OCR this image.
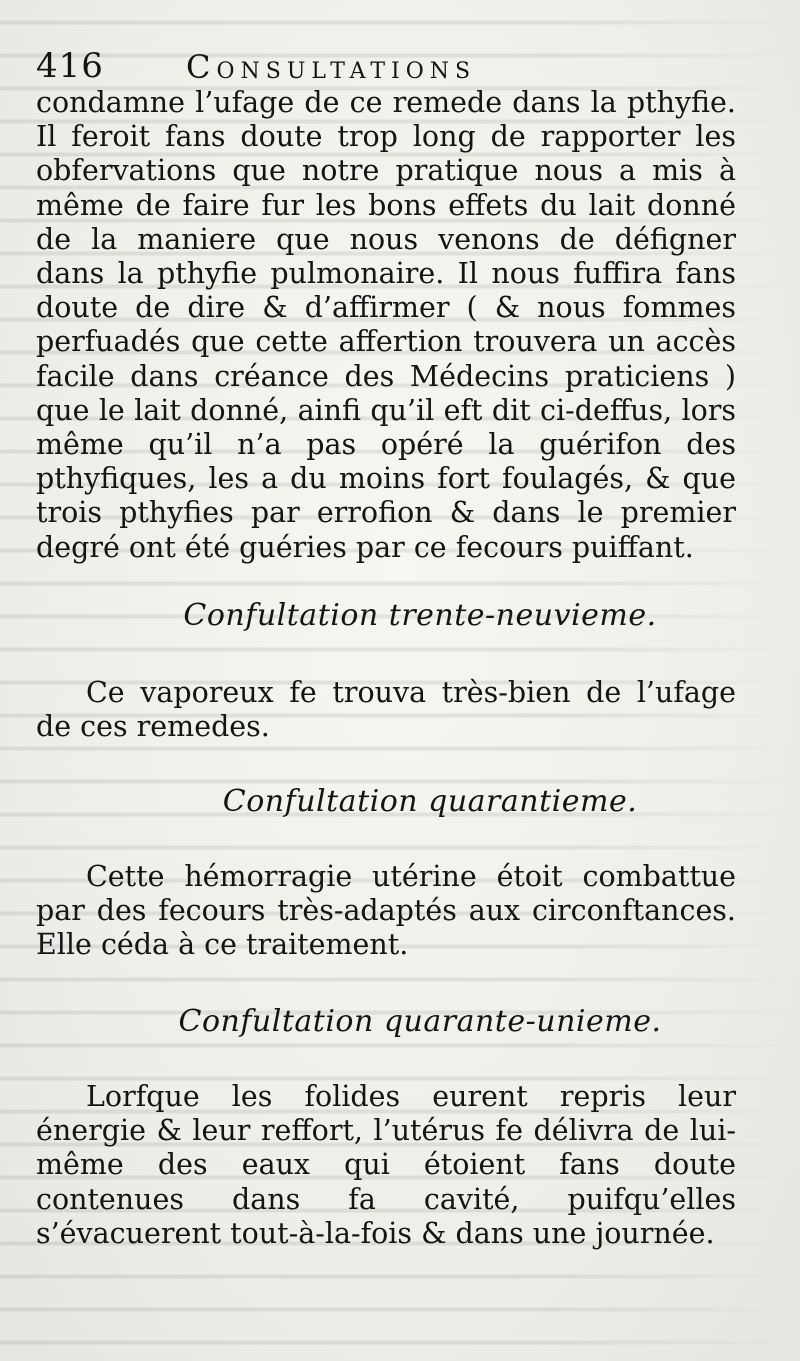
416	Consultations
condamne l’ufage de ce remede dans la pthyfie. Il feroit fans doute trop long de rapporter les obfervations que notre pratique nous a mis à même de faire fur les bons effets du lait donné de la maniere que nous venons de défigner dans la pthyfie pulmonaire. Il nous fuffira fans doute de dire & d’affirmer ( & nous fommes perfuadés que cette affertion trouvera un accès facile dans créance des Médecins praticiens ) que le lait donné, ainfi qu’il eft dit ci-deffus, lors même qu’il n’a pas opéré la guérifon des pthyfiques, les a du moins fort foulagés, & que trois pthyfies par errofion & dans le premier degré ont été guéries par ce fecours puiffant.
Confultation trente-neuvieme.
Ce vaporeux fe trouva très-bien de l’ufage de ces remedes.
Confultation quarantieme.
Cette hémorragie utérine étoit combattue par des fecours très-adaptés aux circonftances. Elle céda à ce traitement.
Confultation quarante-unieme.
Lorfque les folides eurent repris leur énergie & leur reffort, l’utérus fe délivra de lui-même des eaux qui étoient fans doute contenues dans fa cavité, puifqu’elles s’évacuerent tout-à-la-fois & dans une journée.
